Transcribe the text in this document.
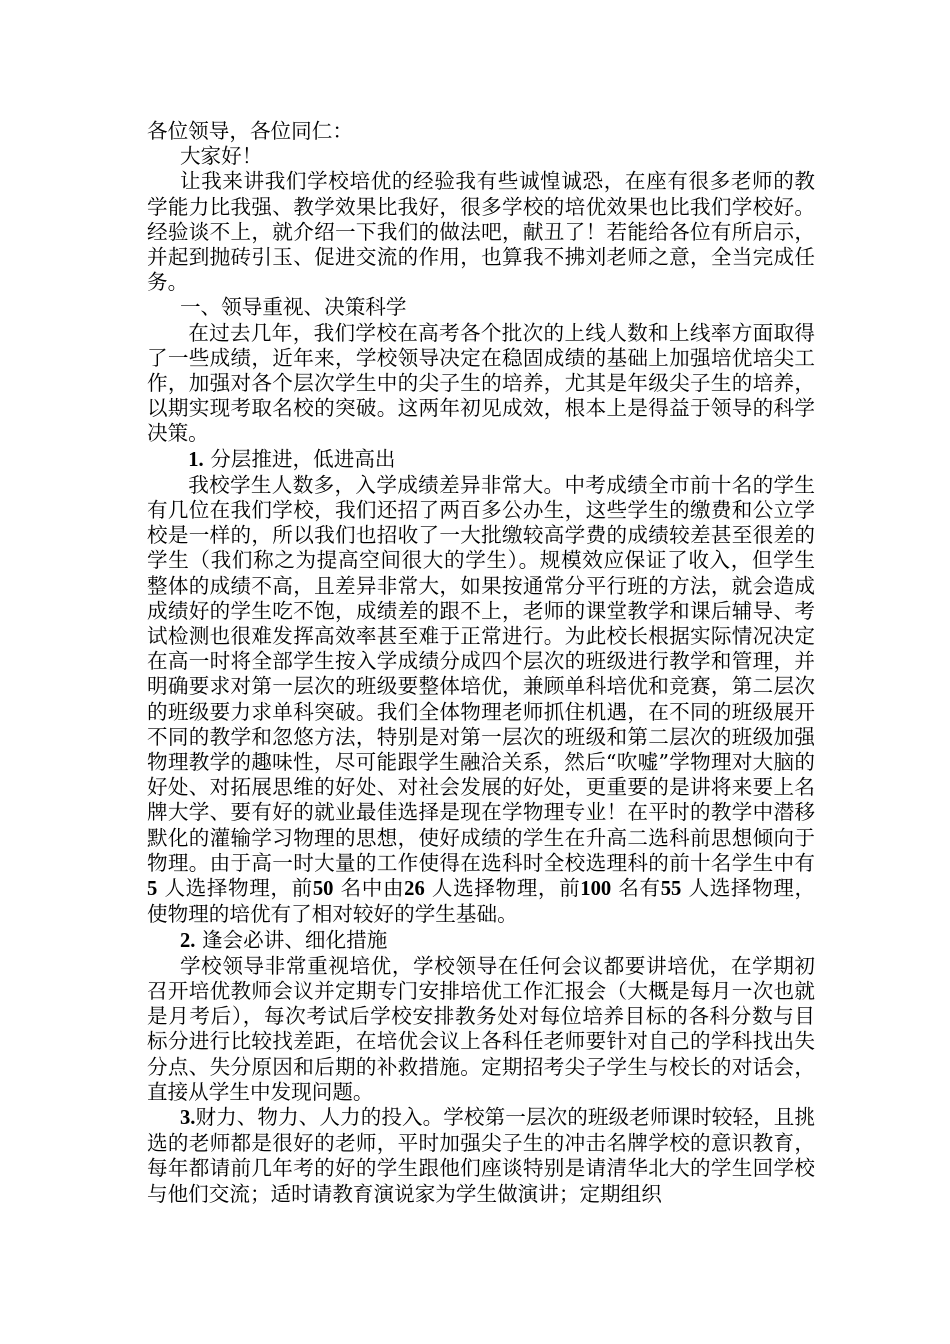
各位领导，各位同仁：

大家好！

让我来讲我们学校培优的经验我有些诚惶诚恐，在座有很多老师的教学能力比我强、教学效果比我好，很多学校的培优效果也比我们学校好。经验谈不上，就介绍一下我们的做法吧，献丑了！若能给各位有所启示，并起到抛砖引玉、促进交流的作用，也算我不拂刘老师之意，全当完成任务。

一、领导重视、决策科学

在过去几年，我们学校在高考各个批次的上线人数和上线率方面取得了一些成绩，近年来，学校领导决定在稳固成绩的基础上加强培优培尖工作，加强对各个层次学生中的尖子生的培养，尤其是年级尖子生的培养，以期实现考取名校的突破。这两年初见成效，根本上是得益于领导的科学决策。

1. 分层推进，低进高出

我校学生人数多，入学成绩差异非常大。中考成绩全市前十名的学生有几位在我们学校，我们还招了两百多公办生，这些学生的缴费和公立学校是一样的，所以我们也招收了一大批缴较高学费的成绩较差甚至很差的学生（我们称之为提高空间很大的学生）。规模效应保证了收入，但学生整体的成绩不高，且差异非常大，如果按通常分平行班的方法，就会造成成绩好的学生吃不饱，成绩差的跟不上，老师的课堂教学和课后辅导、考试检测也很难发挥高效率甚至难于正常进行。为此校长根据实际情况决定在高一时将全部学生按入学成绩分成四个层次的班级进行教学和管理，并明确要求对第一层次的班级要整体培优，兼顾单科培优和竞赛，第二层次的班级要力求单科突破。我们全体物理老师抓住机遇，在不同的班级展开不同的教学和忽悠方法，特别是对第一层次的班级和第二层次的班级加强物理教学的趣味性，尽可能跟学生融洽关系，然后“吹嘘”学物理对大脑的好处、对拓展思维的好处、对社会发展的好处，更重要的是讲将来要上名牌大学、要有好的就业最佳选择是现在学物理专业！在平时的教学中潜移默化的灌输学习物理的思想，使好成绩的学生在升高二选科前思想倾向于物理。由于高一时大量的工作使得在选科时全校选理科的前十名学生中有 5 人选择物理，前50 名中由26 人选择物理，前100 名有55 人选择物理，使物理的培优有了相对较好的学生基础。

2. 逢会必讲、细化措施

学校领导非常重视培优，学校领导在任何会议都要讲培优，在学期初召开培优教师会议并定期专门安排培优工作汇报会（大概是每月一次也就是月考后），每次考试后学校安排教务处对每位培养目标的各科分数与目标分进行比较找差距，在培优会议上各科任老师要针对自己的学科找出失分点、失分原因和后期的补救措施。定期招考尖子学生与校长的对话会，直接从学生中发现问题。

3.财力、物力、人力的投入。学校第一层次的班级老师课时较轻，且挑选的老师都是很好的老师，平时加强尖子生的冲击名牌学校的意识教育，每年都请前几年考的好的学生跟他们座谈特别是请清华北大的学生回学校与他们交流；适时请教育演说家为学生做演讲；定期组织
